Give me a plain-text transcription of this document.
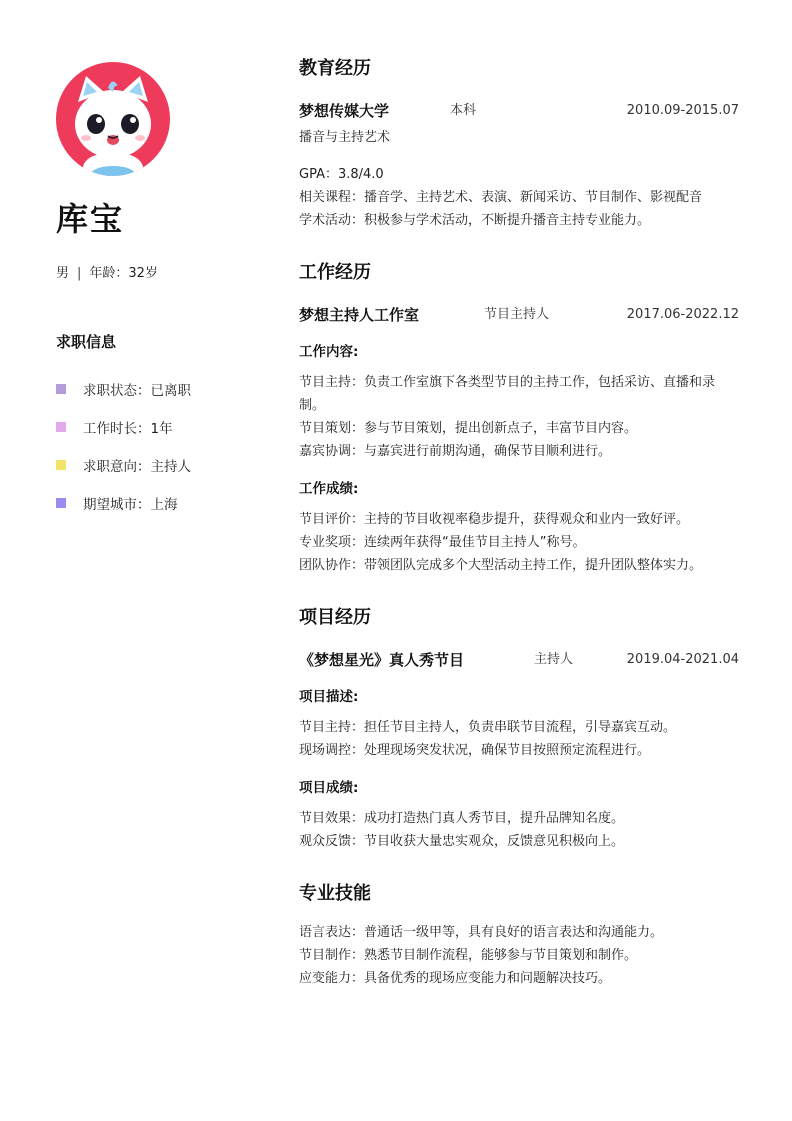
库宝
男 | 年龄：32岁
求职信息
求职状态：已离职
工作时长：1年
求职意向：主持人
期望城市：上海
教育经历
梦想传媒大学	本科	2010.09-2015.07
播音与主持艺术
GPA：3.8/4.0
相关课程：播音学、主持艺术、表演、新闻采访、节目制作、影视配音
学术活动：积极参与学术活动，不断提升播音主持专业能力。
工作经历
梦想主持人工作室	节目主持人	2017.06-2022.12
工作内容:
节目主持：负责工作室旗下各类型节目的主持工作，包括采访、直播和录制。
节目策划：参与节目策划，提出创新点子，丰富节目内容。
嘉宾协调：与嘉宾进行前期沟通，确保节目顺利进行。
工作成绩:
节目评价：主持的节目收视率稳步提升，获得观众和业内一致好评。
专业奖项：连续两年获得“最佳节目主持人”称号。
团队协作：带领团队完成多个大型活动主持工作，提升团队整体实力。
项目经历
《梦想星光》真人秀节目	主持人	2019.04-2021.04
项目描述:
节目主持：担任节目主持人，负责串联节目流程，引导嘉宾互动。
现场调控：处理现场突发状况，确保节目按照预定流程进行。
项目成绩:
节目效果：成功打造热门真人秀节目，提升品牌知名度。
观众反馈：节目收获大量忠实观众，反馈意见积极向上。
专业技能
语言表达：普通话一级甲等，具有良好的语言表达和沟通能力。
节目制作：熟悉节目制作流程，能够参与节目策划和制作。
应变能力：具备优秀的现场应变能力和问题解决技巧。
